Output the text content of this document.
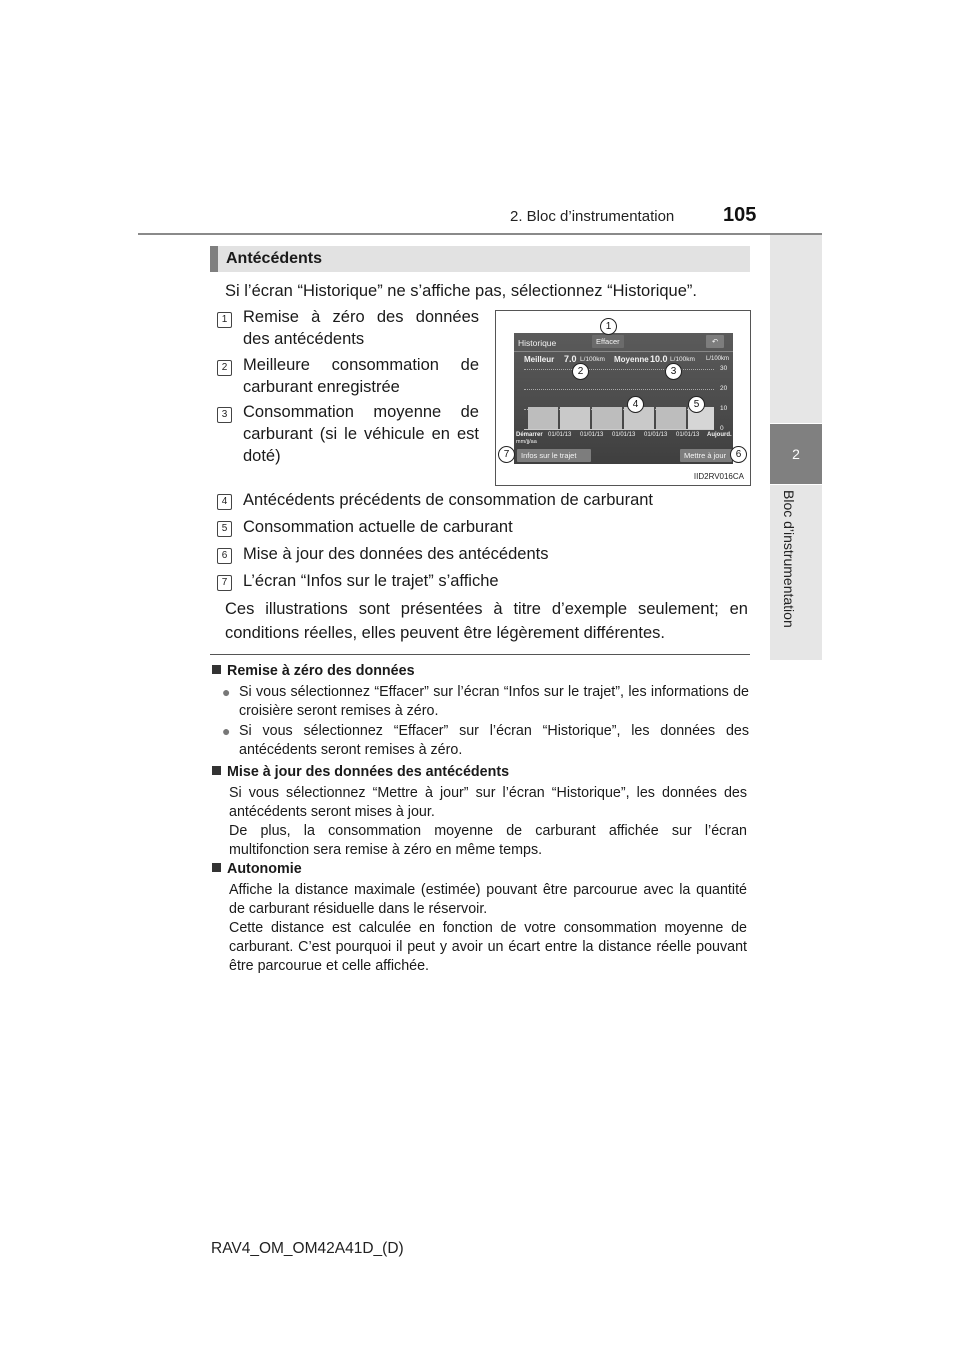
2. Bloc d’instrumentation 105
2
Bloc d’instrumentation
Antécédents
Si l’écran “Historique” ne s’affiche pas, sélectionnez “Historique”.
1 Remise à zéro des données des antécédents
2 Meilleure consommation de carburant enregistrée
3 Consommation moyenne de carburant (si le véhicule en est doté)
Historique	Effacer	↶
Meilleur 7.0 L/100km Moyenne 10.0 L/100km L/100km
30
20
10
0
Démarrer
mm/jj/aa
01/01/13 01/01/13 01/01/13 01/01/13 01/01/13 Aujourd.
Infos sur le trajet	Mettre à jour
1
2	3
4	5
6
7
IID2RV016CA
4 Antécédents précédents de consommation de carburant
5 Consommation actuelle de carburant
6 Mise à jour des données des antécédents
7 L’écran “Infos sur le trajet” s’affiche
Ces illustrations sont présentées à titre d’exemple seulement; en conditions réelles, elles peuvent être légèrement différentes.
Remise à zéro des données
● Si vous sélectionnez “Effacer” sur l’écran “Infos sur le trajet”, les informations de croisière seront remises à zéro.
● Si vous sélectionnez “Effacer” sur l’écran “Historique”, les données des antécédents seront remises à zéro.
Mise à jour des données des antécédents
Si vous sélectionnez “Mettre à jour” sur l’écran “Historique”, les données des antécédents seront mises à jour.
De plus, la consommation moyenne de carburant affichée sur l’écran multifonction sera remise à zéro en même temps.
Autonomie
Affiche la distance maximale (estimée) pouvant être parcourue avec la quantité de carburant résiduelle dans le réservoir.
Cette distance est calculée en fonction de votre consommation moyenne de carburant. C’est pourquoi il peut y avoir un écart entre la distance réelle pouvant être parcourue et celle affichée.
RAV4_OM_OM42A41D_(D)
